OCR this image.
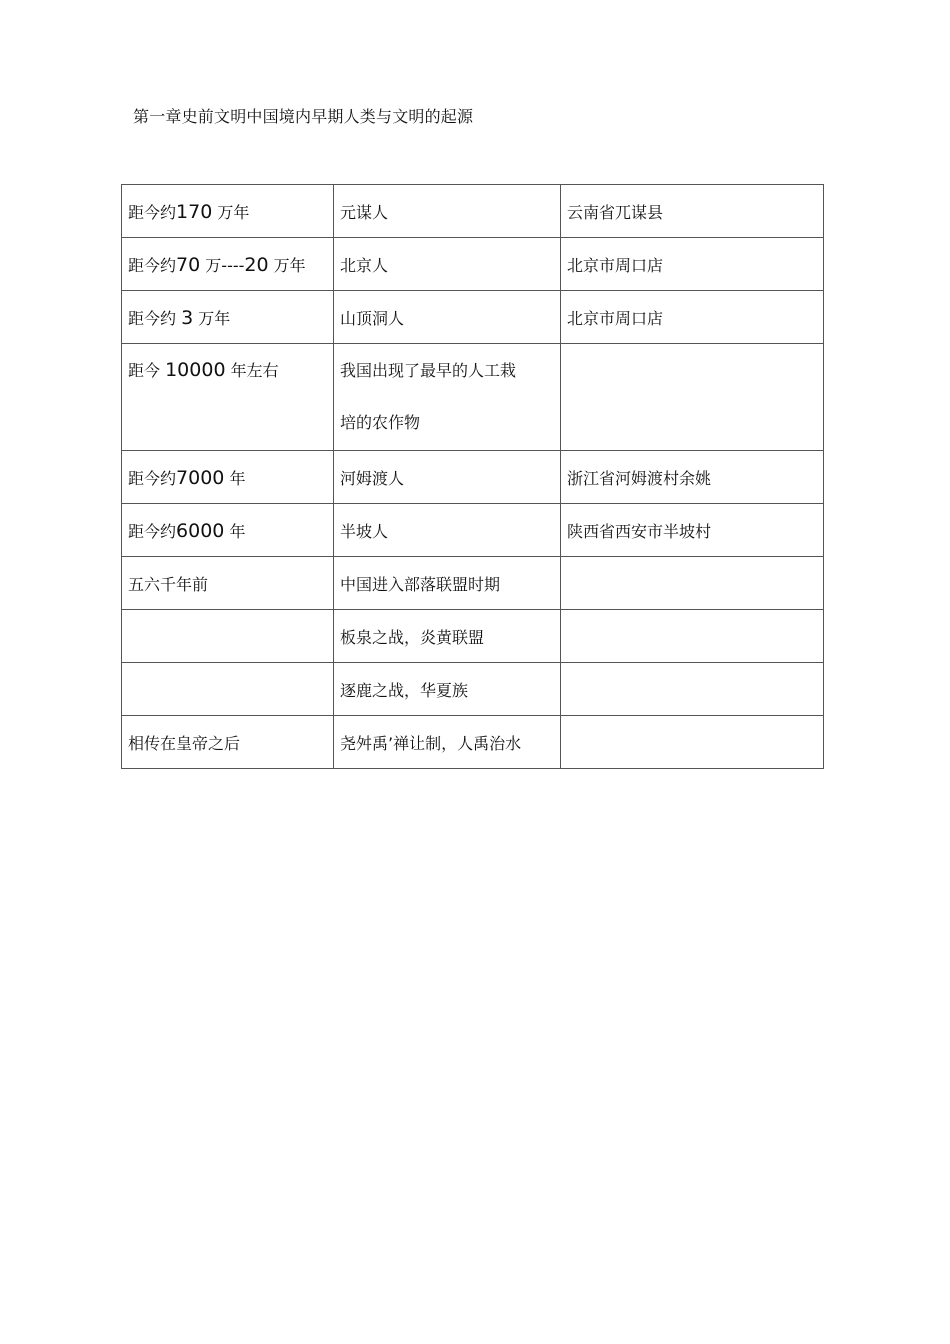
第一章史前文明中国境内早期人类与文明的起源
距今约170 万年	元谋人	云南省兀谋县
距今约70 万----20 万年	北京人	北京市周口店
距今约 3 万年	山顶洞人	北京市周口店
距今 10000 年左右	我国出现了最早的人工栽
培的农作物	

距今约7000 年	河姆渡人	浙江省河姆渡村余姚
距今约6000 年	半坡人	陕西省西安市半坡村
五六千年前	中国进入部落联盟时期	
	板泉之战，炎黄联盟	
	逐鹿之战，华夏族	
相传在皇帝之后	尧舛禹’禅让制，人禹治水	
